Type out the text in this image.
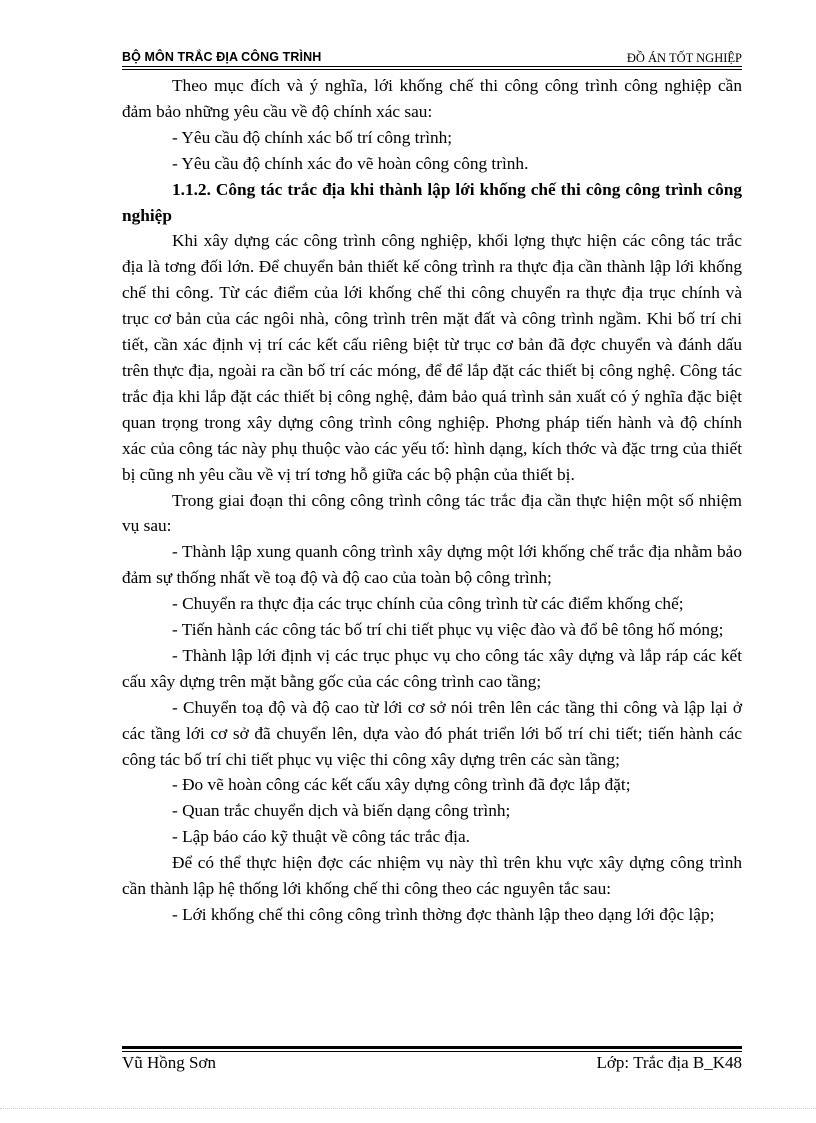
BỘ MÔN TRẮC ĐỊA CÔNG TRÌNH	ĐỒ ÁN TỐT NGHIỆP

Theo mục đích và ý nghĩa, lới khống chế thi công công trình công nghiệp cần đảm bảo những yêu cầu về độ chính xác sau:

- Yêu cầu độ chính xác bố trí công trình;

- Yêu cầu độ chính xác đo vẽ hoàn công công trình.

1.1.2. Công tác trắc địa khi thành lập lới khống chế thi công công trình công nghiệp

Khi xây dựng các công trình công nghiệp, khối lợng thực hiện các công tác trắc địa là tơng đối lớn. Để chuyển bản thiết kế công trình ra thực địa cần thành lập lới khống chế thi công. Từ các điểm của lới khống chế thi công chuyển ra thực địa trục chính và trục cơ bản của các ngôi nhà, công trình trên mặt đất và công trình ngầm. Khi bố trí chi tiết, cần xác định vị trí các kết cấu riêng biệt từ trục cơ bản đã đợc chuyển và đánh dấu trên thực địa, ngoài ra cần bố trí các móng, để để lắp đặt các thiết bị công nghệ. Công tác trắc địa khi lắp đặt các thiết bị công nghệ, đảm bảo quá trình sản xuất có ý nghĩa đặc biệt quan trọng trong xây dựng công trình công nghiệp. Phơng pháp tiến hành và độ chính xác của công tác này phụ thuộc vào các yếu tố: hình dạng, kích thớc và đặc trng của thiết bị cũng nh yêu cầu về vị trí tơng hỗ giữa các bộ phận của thiết bị.

Trong giai đoạn thi công công trình công tác trắc địa cần thực hiện một số nhiệm vụ sau:

- Thành lập xung quanh công trình xây dựng một lới khống chế trắc địa nhằm bảo đảm sự thống nhất về toạ độ và độ cao của toàn bộ công trình;

- Chuyển ra thực địa các trục chính của công trình từ các điểm khống chế;

- Tiến hành các công tác bố trí chi tiết phục vụ việc đào và đổ bê tông hố móng;

- Thành lập lới định vị các trục phục vụ cho công tác xây dựng và lắp ráp các kết cấu xây dựng trên mặt bằng gốc của các công trình cao tầng;

- Chuyển toạ độ và độ cao từ lới cơ sở nói trên lên các tầng thi công và lập lại ở các tầng lới cơ sở đã chuyển lên, dựa vào đó phát triển lới bố trí chi tiết; tiến hành các công tác bố trí chi tiết phục vụ việc thi công xây dựng trên các sàn tầng;

- Đo vẽ hoàn công các kết cấu xây dựng công trình đã đợc lắp đặt;

- Quan trắc chuyển dịch và biến dạng công trình;

- Lập báo cáo kỹ thuật về công tác trắc địa.

Để có thể thực hiện đợc các nhiệm vụ này thì trên khu vực xây dựng công trình cần thành lập hệ thống lới khống chế thi công theo các nguyên tắc sau:

- Lới khống chế thi công công trình thờng đợc thành lập theo dạng lới độc lập;

Vũ Hồng Sơn	Lớp: Trắc địa B_K48
